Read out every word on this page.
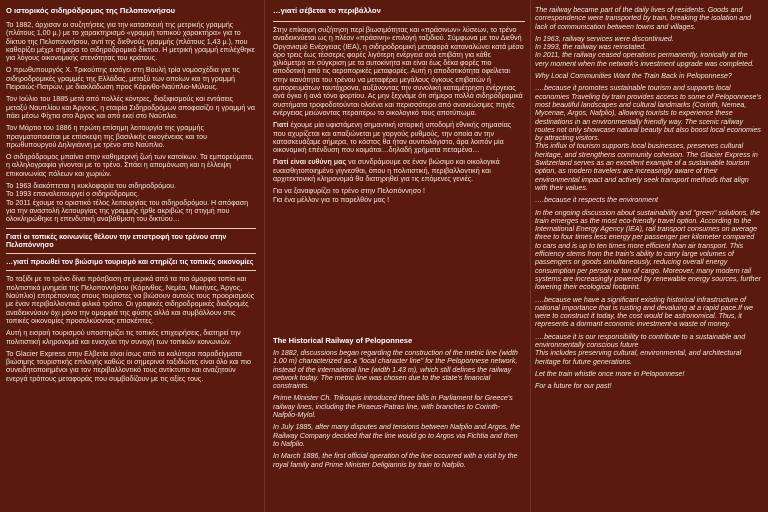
Ο ιστορικός σιδηρόδρομος της Πελοποννήσου

Το 1882, άρχισαν οι συζητήσεις για την κατασκευή της μετρικής γραμμής (πλάτους 1,00 μ.) με το χαρακτηρισμό «γραμμή τοπικού χαρακτήρα» για το δίκτυο της Πελοποννήσου, αντί της διεθνούς γραμμής (πλάτους 1,43 μ.), που καθορίζει μέχρι σήμερα το σιδηροδρομικό δίκτυο. Η μετρική γραμμή επιλέχθηκε για λόγους οικονομικής στενότητας του κράτους.

Ο πρωθυπουργός Χ. Τρικούπης εισάγει στη Βουλή τρία νομοσχέδια για τις σιδηροδρομικές γραμμές της Ελλάδας, μεταξύ των οποίων και τη γραμμή Πειραιώς-Πατρών, με διακλάδωση προς Κόρινθο-Ναύπλιο-Μύλους.

Τον Ιούλιο του 1885 μετά από πολλές κόντρες, διαξιφισμούς και εντάσεις μεταξύ Ναυπλίου και Άργους, η εταιρία Σιδηροδρόμων αποφασίζει η γραμμή να πάει μέσω Φίχτια στο Άργος και από εκεί στο Ναύπλιο.

Τον Μάρτιο του 1886 η πρώτη επίσημη λειτουργία της γραμμής πραγματοποιείται με επίσκεψη της βασιλικής οικογένειας και του πρωθυπουργού Δηλιγιάννη με τρένο στο Ναύπλιο.

Ο σιδηρόδρομος μπαίνει στην καθημερινή ζωή των κατοίκων. Τα εμπορεύματα, η αλληλογραφία γίνονται με το τρένο. Σπάει η απομόνωση και η έλλειψη επικοινωνίας πόλεων και χωριών.

Το 1963 διακόπτεται η κυκλοφορία του σιδηροδρόμου.

Το 1993 επαναλειτουργεί ο σιδηρόδρομος.

Το 2011 έχουμε το οριστικό τέλος λειτουργίας του σιδηροδρόμου. Η απόφαση για την αναστολή λειτουργίας της γραμμής ήρθε ακριβώς τη στιγμή που ολοκληρώθηκε η επενδυτική αναβάθμιση του δικτύου…

Γιατί οι τοπικές κοινωνίες θέλουν την επιστροφή του τρένου στην Πελοπόννησο
…γιατί προωθεί τον βιώσιμο τουρισμό και στηρίζει τις τοπικές οικονομίες

Το ταξίδι με το τρένο δίνει πρόσβαση σε μερικά από τα πιο όμορφα τοπία και πολιτιστικά μνημεία της Πελοποννήσου (Κόρινθος, Νεμέα, Μυκήνες, Άργος, Ναύπλιο) επιτρέποντας στους τουρίστες να βιώσουν αυτούς τους προορισμούς με έναν περιβαλλοντικά φιλικό τρόπο. Οι γραφικές σιδηροδρομικές διαδρομές αναδεικνύουν όχι μόνο την ομορφιά της φύσης αλλά και συμβάλλουν στις τοπικές οικονομίες προσελκύοντας επισκέπτες.

Αυτή η εισροή τουρισμού υποστηρίζει τις τοπικές επιχειρήσεις, διατηρεί την πολιτιστική κληρονομιά και ενισχύει την συνοχή των τοπικών κοινωνιών.

Το Glacier Express στην Ελβετία είναι ίσως από τα καλύτερα παραδείγματα βιώσιμης τουριστικής επιλογής καθώς οι σημερινοί ταξιδιώτες είναι όλο και πιο συνειδητοποιημένοι για τον περιβαλλοντικό τους αντίκτυπο και αναζητούν ενεργά τρόπους μεταφοράς που συμβαδίζουν με τις αξίες τους.

…γιατί σέβεται το περιβάλλον

Στην επίκαιρη συζήτηση περί βιωσιμότητας και «πράσινων» λύσεων, το τρένο αναδεικνύεται ως η πλέον «πράσινη» επιλογή ταξιδιού. Σύμφωνα με τον Διεθνή Οργανισμό Ενέργειας (ΙΕΑ), η σιδηροδρομική μεταφορά καταναλώνει κατά μέσο όρο τρεις έως τέσσερις φορές λιγότερη ενέργεια ανά επιβάτη για κάθε χιλιόμετρο σε σύγκριση με τα αυτοκίνητα και είναι έως δέκα φορές πιο αποδοτική από τις αεροπορικές μεταφορές. Αυτή η αποδοτικότητα οφείλεται στην ικανότητα του τρένου να μεταφέρει μεγάλους όγκους επιβατών ή εμπορευμάτων ταυτόχρονα, αυξάνοντας την συνολική καταμέτρηση ενέργειας ανά όγκο ή ανά τόνο φορτίου. Ας μην ξεχνάμε ότι σήμερα πολλά σιδηρόδρομικά συστήματα τροφοδοτούνται ολοένα και περισσότερο από ανανεώσιμες πηγές ενέργειας μειώνοντας περαιτέρω το οικολογικό τους αποτύπωμα.

Γιατί έχουμε μία υφιστάμενη σημαντική ιστορική υποδομή εθνικής σημασίας που αχυρίζεται και απαξιώνεται με γοργούς ρυθμούς, την οποία αν την κατασκευάζαμε σήμερα, το κόστος θα ήταν αυνπολόγιστο, άρα λοιπόν μία οικονομική επένδυση που κοιμάται…δηλαδή χρήματα πεταμένα…

Γιατί είναι ευθύνη μας να συνδράμουμε σε έναν βιώσιμο και οικολογικά ευαισθητοποιημένο γίγνεσθαι, όπου η πολιτιστική, περιβαλλοντική και αρχιτεκτονική κληρονομιά θα διατηρηθεί για τις επόμενες γενιές.

Για να ξαναφυρίζει το τρένο στην Πελοπόννησο !

Για ένα μέλλον για το παρελθόν μας !

The Historical Railway of Peloponnese

In 1882, discussions began regarding the construction of the metric line (width 1.00 m) characterized as a "local character line" for the Peloponnese network, instead of the international line (width 1.43 m), which still defines the railway network today. The metric line was chosen due to the state's financial constraints.

Prime Minister Ch. Trikoupis introduced three bills in Parliament for Greece's railway lines, including the Piraeus-Patras line, with branches to Corinth- Nafplio-Mylol.

In July 1885, after many disputes and tensions between Nafplio and Argos, the Railway Company decided that the line would go to Argos via Fichtia and then to Nafplio.

In March 1886, the first official operation of the line occurred with a visit by the royal family and Prime Minister Deligiannis by train to Nafplio.

The railway became part of the daily lives of residents. Goods and correspondence were transported by train, breaking the isolation and lack of communication between towns and villages.

In 1963, railway services were discontinued.

In 1993, the railway was reinstated.

In 2011, the railway ceased operations permanently, ironically at the very moment when the network's investment upgrade was completed.

Why Local Communities Want the Train Back in Peloponnese?

….because it promotes sustainable tourism and supports local economies Traveling by train provides access to some of Peloponnese's most beautiful landscapes and cultural landmarks (Corinth, Nemea, Mycenae, Argos, Nafplio), allowing tourists to experience these destinations in an environmentally friendly way. The scenic railway routes not only showcase natural beauty but also boost local economies by attracting visitors.

This influx of tourism supports local businesses, preserves cultural heritage, and strengthens community cohesion. The Glacier Express in Switzerland serves as an excellent example of a sustainable tourism option, as modern travelers are increasingly aware of their environmental impact and actively seek transport methods that align with their values.

….because it respects the environment

In the ongoing discussion about sustainability and "green" solutions, the train emerges as the most eco-friendly travel option. According to the International Energy Agency (IEA), rail transport consumes on average three to four times less energy per passenger per kilometer compared to cars and is up to ten times more efficient than air transport. This efficiency stems from the train's ability to carry large volumes of passengers or goods simultaneously, reducing overall energy consumption per person or ton of cargo. Moreover, many modern rail systems are increasingly powered by renewable energy sources, further lowering their ecological footprint.

….because we have a significant existing historical infrastructure of national importance that is rusting and devaluing at a rapid pace.If we were to construct it today, the cost would be astronomical. Thus, it represents a dormant economic investment-a waste of money.

….because it is our responsibility to contribute to a sustainable and environmentally conscious future

This includes preserving cultural, environmental, and architectural heritage for future generations.

Let the train whistle once more in Peloponnese!

For a future for our past!
